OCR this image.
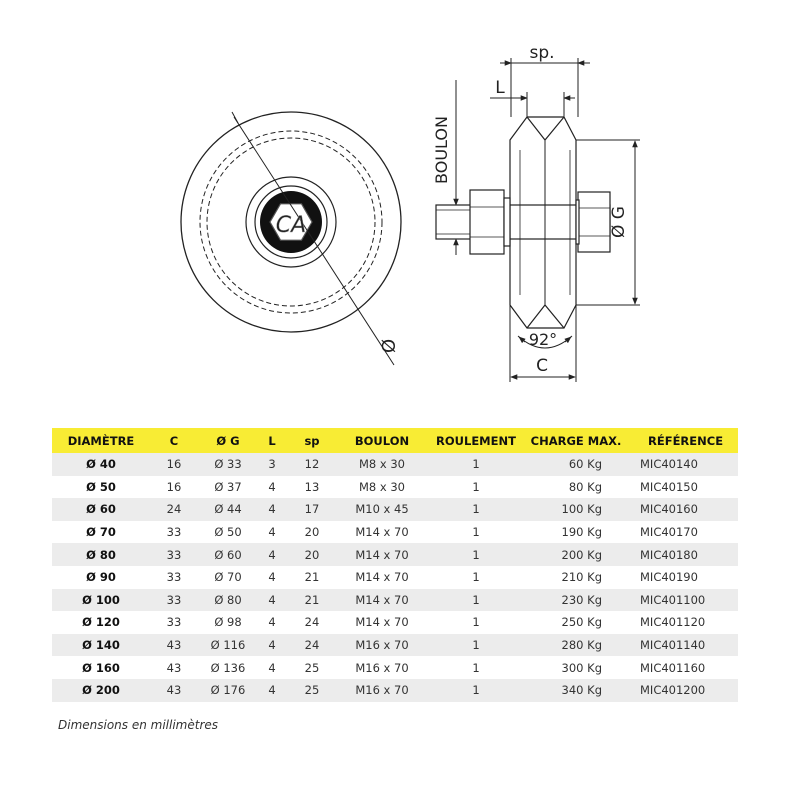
CA
Ø
sp.
L
BOULON
Ø G
92°
C
DIAMÈTRE	C	Ø G	L	sp	BOULON	ROULEMENT	CHARGE MAX.	RÉFÉRENCE
Ø 40	16	Ø 33	3	12	M8 x 30	1	60 Kg	MIC40140
Ø 50	16	Ø 37	4	13	M8 x 30	1	80 Kg	MIC40150
Ø 60	24	Ø 44	4	17	M10 x 45	1	100 Kg	MIC40160
Ø 70	33	Ø 50	4	20	M14 x 70	1	190 Kg	MIC40170
Ø 80	33	Ø 60	4	20	M14 x 70	1	200 Kg	MIC40180
Ø 90	33	Ø 70	4	21	M14 x 70	1	210 Kg	MIC40190
Ø 100	33	Ø 80	4	21	M14 x 70	1	230 Kg	MIC401100
Ø 120	33	Ø 98	4	24	M14 x 70	1	250 Kg	MIC401120
Ø 140	43	Ø 116	4	24	M16 x 70	1	280 Kg	MIC401140
Ø 160	43	Ø 136	4	25	M16 x 70	1	300 Kg	MIC401160
Ø 200	43	Ø 176	4	25	M16 x 70	1	340 Kg	MIC401200
Dimensions en millimètres
